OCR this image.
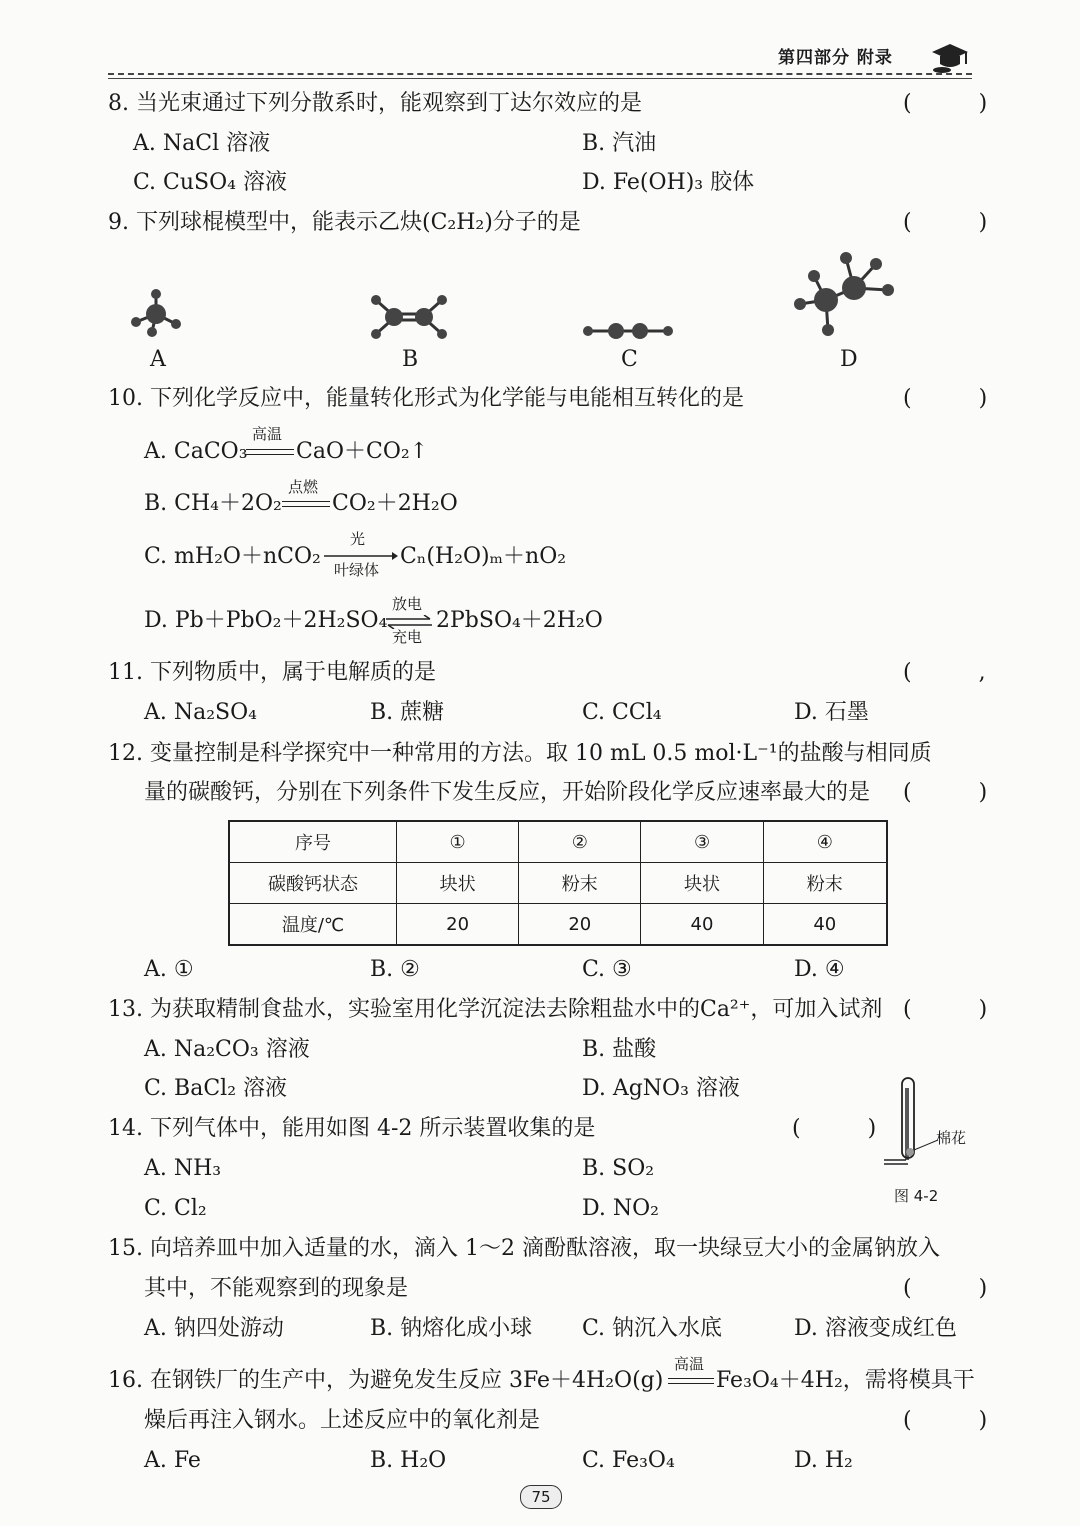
第四部分 附录
8. 当光束通过下列分散系时，能观察到丁达尔效应的是	( )
A. NaCl 溶液	B. 汽油
C. CuSO₄ 溶液	D. Fe(OH)₃ 胶体
9. 下列球棍模型中，能表示乙炔(C₂H₂)分子的是	( )
A	B	C	D
10. 下列化学反应中，能量转化形式为化学能与电能相互转化的是	( )
A. CaCO₃
高温
CaO＋CO₂↑
B. CH₄＋2O₂
点燃
CO₂＋2H₂O
C. mH₂O＋nCO₂
光
叶绿体
Cₙ(H₂O)ₘ＋nO₂
D. Pb＋PbO₂＋2H₂SO₄
放电
充电
2PbSO₄＋2H₂O
11. 下列物质中，属于电解质的是	( ,
A. Na₂SO₄	B. 蔗糖	C. CCl₄	D. 石墨
12. 变量控制是科学探究中一种常用的方法。取 10 mL 0.5 mol·L⁻¹的盐酸与相同质
量的碳酸钙，分别在下列条件下发生反应，开始阶段化学反应速率最大的是 ( )
序号	①	②	③	④
碳酸钙状态	块状	粉末	块状	粉末
温度/℃	20	20	40	40
A. ①	B. ②	C. ③	D. ④
13. 为获取精制食盐水，实验室用化学沉淀法去除粗盐水中的Ca²⁺，可加入试剂 ( )
A. Na₂CO₃ 溶液	B. 盐酸
C. BaCl₂ 溶液	D. AgNO₃ 溶液
14. 下列气体中，能用如图 4-2 所示装置收集的是	( )
A. NH₃	B. SO₂
C. Cl₂	D. NO₂
棉花
图 4-2
15. 向培养皿中加入适量的水，滴入 1～2 滴酚酞溶液，取一块绿豆大小的金属钠放入
其中，不能观察到的现象是	( )
A. 钠四处游动	B. 钠熔化成小球 C. 钠沉入水底	D. 溶液变成红色
16. 在钢铁厂的生产中，为避免发生反应 3Fe＋4H₂O(g)
高温
Fe₃O₄＋4H₂，需将模具干
燥后再注入钢水。上述反应中的氧化剂是	( )
A. Fe	B. H₂O	C. Fe₃O₄	D. H₂
75
